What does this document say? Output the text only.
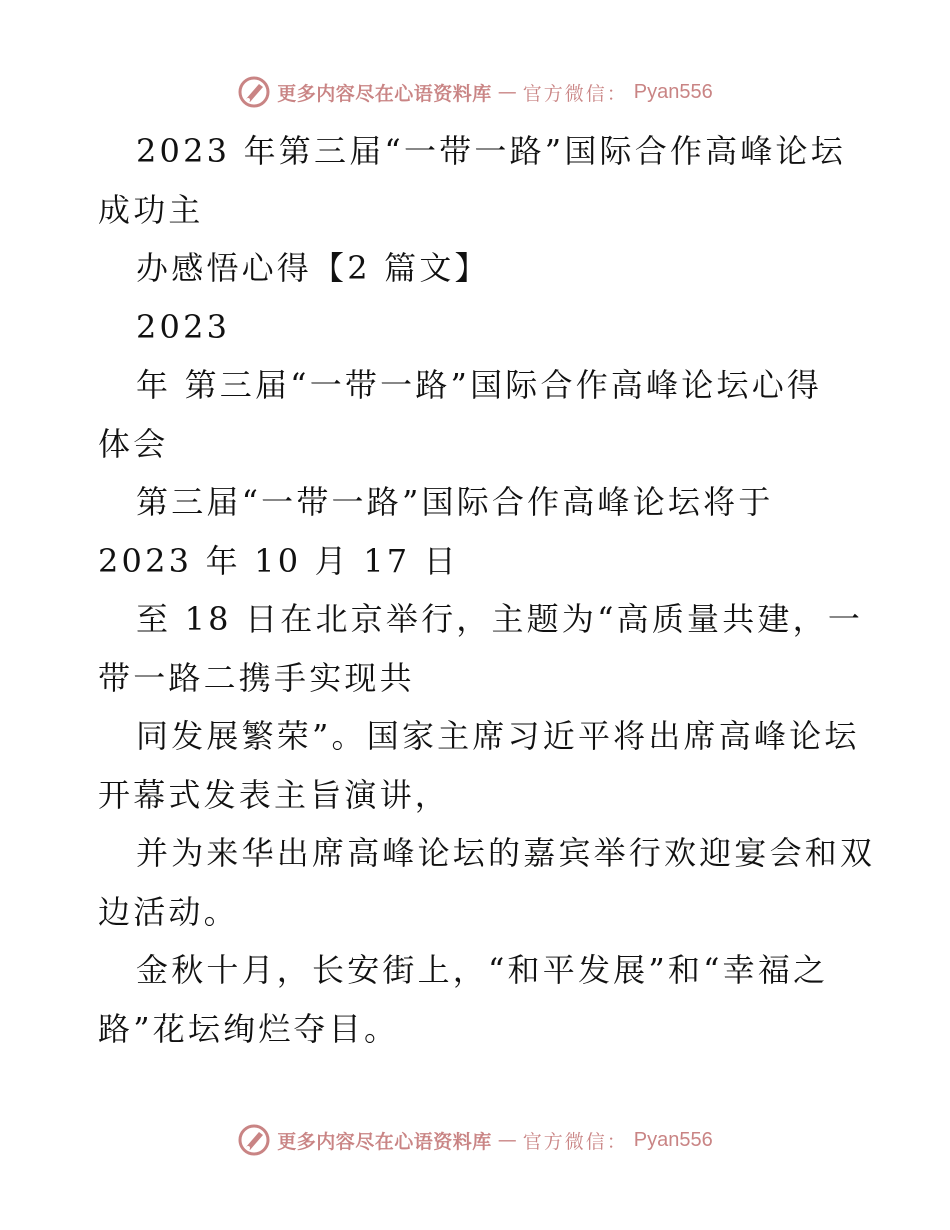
更多内容尽在心语资料库 — 官方微信： Pyan556
2023 年第三届“一带一路”国际合作高峰论坛
成功主
办感悟心得【2 篇文】
2023
年 第三届“一带一路”国际合作高峰论坛心得
体会
第三届“一带一路”国际合作高峰论坛将于
2023 年 10 月 17 日
至 18 日在北京举行，主题为“高质量共建，一
带一路二携手实现共
同发展繁荣”。国家主席习近平将出席高峰论坛
开幕式发表主旨演讲，
并为来华出席高峰论坛的嘉宾举行欢迎宴会和双
边活动。
金秋十月，长安街上，“和平发展”和“幸福之
路”花坛绚烂夺目。
更多内容尽在心语资料库 — 官方微信： Pyan556
